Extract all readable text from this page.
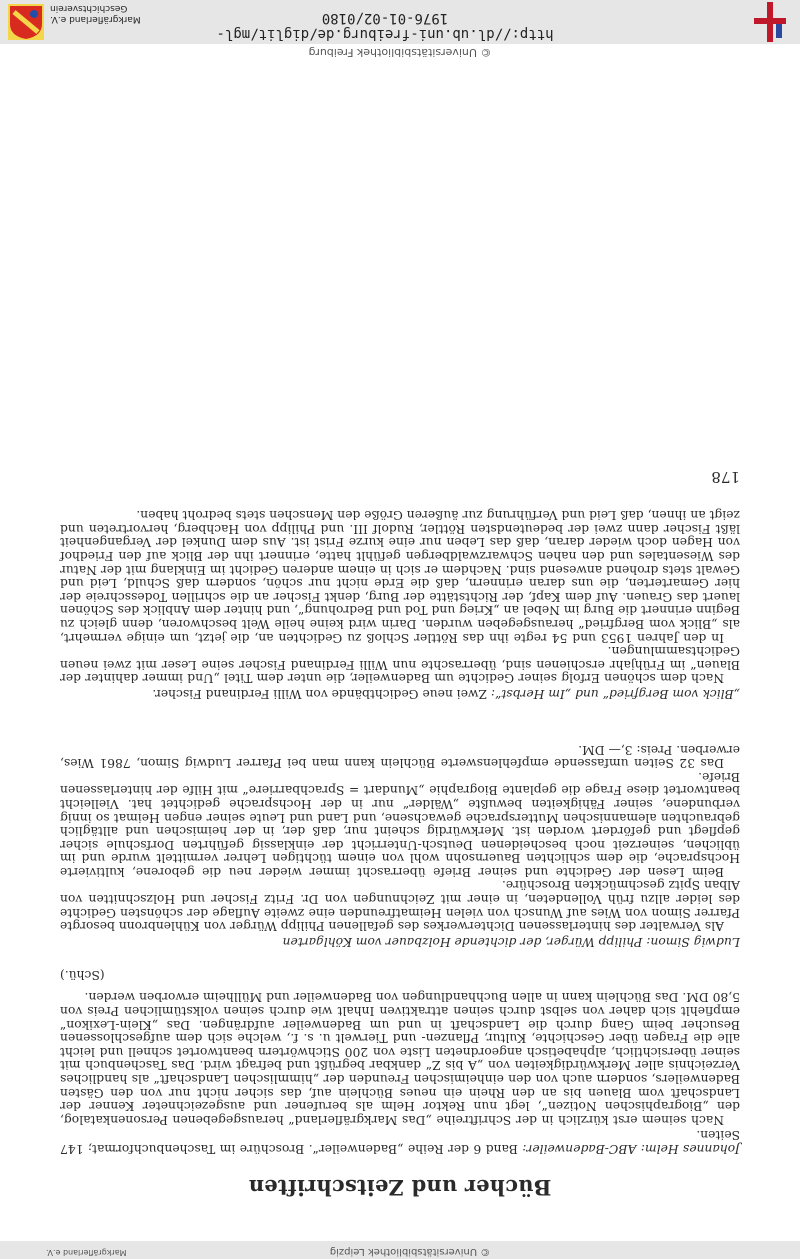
Markgräflerland e.V.
Geschichtsverein
http://dl.ub.uni-freiburg.de/diglit/mgl-1976-01-02/0180
© Universitätsbibliothek Freiburg
Bücher und Zeitschriften

Johannes Helm: ABC-Badenweiler: Band 6 der Reihe „Badenweiler“. Broschüre im Taschenbuchformat; 147 Seiten.

Nach seinem erst kürzlich in der Schriftreihe „Das Markgräflerland“ herausgegebenen Personenkatalog, den „Biographischen Notizen“, legt nun Rektor Helm als berufener und ausgezeichneter Kenner der Landschaft vom Blauen bis an den Rhein ein neues Büchlein auf, das sicher nicht nur von den Gästen Badenweilers, sondern auch von den einheimischen Freunden der „himmlischen Landschaft“ als handliches Verzeichnis aller Merkwürdigkeiten von „A bis Z“ dankbar begrüßt und befragt wird. Das Taschenbuch mit seiner übersichtlich, alphabetisch angeordneten Liste von 200 Stichwörtern beantwortet schnell und leicht alle die Fragen über Geschichte, Kultur, Pflanzen- und Tierwelt u. s. f., welche sich dem aufgeschlossenen Besucher beim Gang durch die Landschaft in und um Badenweiler aufdrängen. Das „Klein-Lexikon“ empfiehlt sich daher von selbst durch seinen attraktiven Inhalt wie durch seinen volkstümlichen Preis von 5,80 DM. Das Büchlein kann in allen Buchhandlungen von Badenweiler und Müllheim erworben werden.

(Schü.)

Ludwig Simon: Philipp Würger, der dichtende Holzbauer vom Köhlgarten

Als Verwalter des hinterlassenen Dichterwerkes des gefallenen Philipp Würger von Kühlenbronn besorgte Pfarrer Simon von Wies auf Wunsch von vielen Heimatfreunden eine zweite Auflage der schönsten Gedichte des leider allzu früh Vollendeten, in einer mit Zeichnungen von Dr. Fritz Fischer und Holzschnitten von Alban Spitz geschmückten Broschüre.

Beim Lesen der Gedichte und seiner Briefe überrascht immer wieder neu die geborene, kultivierte Hochsprache, die dem schlichten Bauernsohn wohl von einem tüchtigen Lehrer vermittelt wurde und im üblichen, seinerzeit noch bescheidenen Deutsch-Unterricht der einklassig geführten Dorfschule sicher gepflegt und gefördert worden ist. Merkwürdig scheint nur, daß der, in der heimischen und alltäglich gebrauchten alemannischen Muttersprache gewachsene, und Land und Leute seiner engen Heimat so innig verbundene, seiner Fähigkeiten bewußte „Wälder“ nur in der Hochsprache gedichtet hat. Vielleicht beantwortet diese Frage die geplante Biographie „Mundart = Sprachbarriere“ mit Hilfe der hinterlassenen Briefe.

Das 32 Seiten umfassende empfehlenswerte Büchlein kann man bei Pfarrer Ludwig Simon, 7861 Wies, erwerben. Preis: 3,— DM.

„Blick vom Bergfried“ und „Im Herbst“: Zwei neue Gedichtbände von Willi Ferdinand Fischer.

Nach dem schönen Erfolg seiner Gedichte um Badenweiler, die unter dem Titel „Und immer dahinter der Blauen“ im Frühjahr erschienen sind, überraschte nun Willi Ferdinand Fischer seine Leser mit zwei neuen Gedichtsammlungen.

In den Jahren 1953 und 54 regte ihn das Röttler Schloß zu Gedichten an, die jetzt, um einige vermehrt, als „Blick vom Bergfried“ herausgegeben wurden. Darin wird keine heile Welt beschworen, denn gleich zu Beginn erinnert die Burg im Nebel an „Krieg und Tod und Bedrohung“, und hinter dem Anblick des Schönen lauert das Grauen. Auf dem Kapf, der Richtstätte der Burg, denkt Fischer an die schrillen Todesschreie der hier Gemarterten, die uns daran erinnern, daß die Erde nicht nur schön, sondern daß Schuld, Leid und Gewalt stets drohend anwesend sind. Nachdem er sich in einem anderen Gedicht im Einklang mit der Natur des Wiesentales und den nahen Schwarzwaldbergen gefühlt hatte, erinnert ihn der Blick auf den Friedhof von Hagen doch wieder daran, daß das Leben nur eine kurze Frist ist. Aus dem Dunkel der Vergangenheit läßt Fischer dann zwei der bedeutendsten Röttler, Rudolf III. und Philipp von Hachberg, hervortreten und zeigt an ihnen, daß Leid und Verführung zur äußeren Größe den Menschen stets bedroht haben.

178

Markgräflerland e.V.	© Universitätsbibliothek Leipzig
